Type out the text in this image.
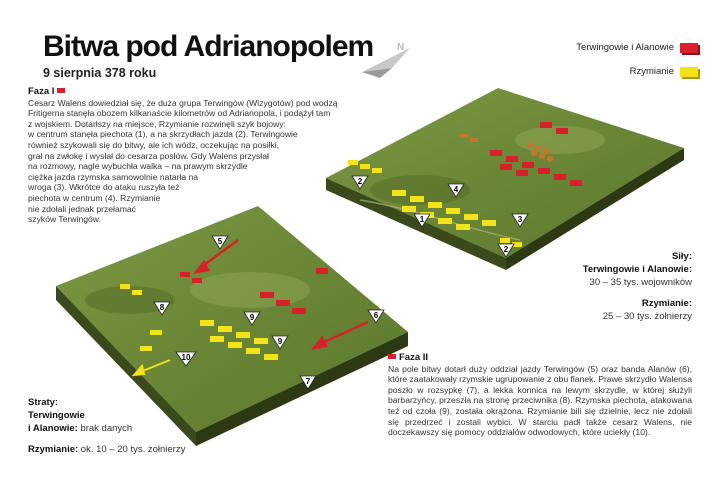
Bitwa pod Adrianopolem
9 sierpnia 378 roku
Terwingowie i Alanowie
Rzymianie
N
1
2
2
3
4
5
6
7
8
9
9
10
Faza I
Cesarz Walens dowiedział się, że duża grupa Terwingów (Wizygotów) pod wodzą
Fritigerna stanęła obozem kilkanaście kilometrów od Adrianopola, i podążył tam
z wojskiem. Dotarłszy na miejsce, Rzymianie rozwinęli szyk bojowy:
w centrum stanęła piechota (1), a na skrzydłach jazda (2). Terwingowie
również szykowali się do bitwy, ale ich wódz, oczekując na posiłki,
grał na zwłokę i wysłał do cesarza posłów. Gdy Walens przysłał
na rozmowy, nagle wybuchła walka – na prawym skrzydle
ciężka jazda rzymska samowolnie natarła na
wroga (3). Wkrótce do ataku ruszyła też
piechota w centrum (4). Rzymianie
nie zdołali jednak przełamać
szyków Terwingów.
Siły:
Terwingowie i Alanowie:
30 – 35 tys. wojowników
Rzymianie:
25 – 30 tys. żołnierzy
Faza II
Na pole bitwy dotarł duży oddział jazdy Terwingów (5) oraz banda Alanów (6), które zaatakowały rzymskie ugrupowanie z obu flanek. Prawe skrzydło Walensa poszło w rozsypkę (7), a lekka konnica na lewym skrzydle, w której służyli barbarzyńcy, przeszła na stronę przeciwnika (8). Rzymska piechota, atakowana też od czoła (9), została okrążona. Rzymianie bili się dzielnie, lecz nie zdołali się przedrzeć i zostali wybici. W starciu padł także cesarz Walens, nie doczekawszy się pomocy oddziałów odwodowych, które uciekły (10).
Straty:
Terwingowie
i Alanowie: brak danych
Rzymianie: ok. 10 – 20 tys. żołnierzy
